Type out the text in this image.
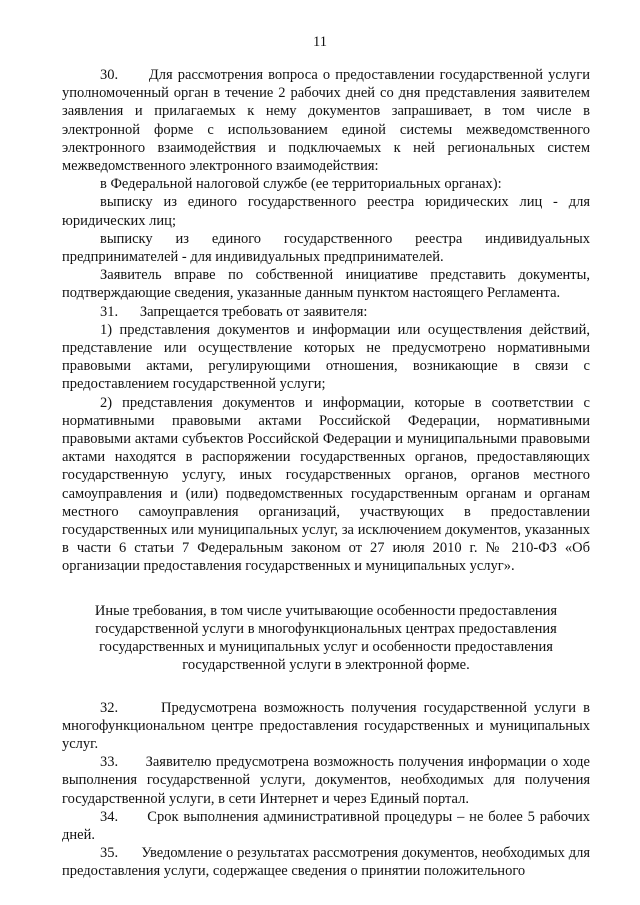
11

30.      Для рассмотрения вопроса о предоставлении государственной услуги уполномоченный орган в течение 2 рабочих дней со дня представления заявителем заявления и прилагаемых к нему документов запрашивает, в том числе в электронной форме с использованием единой системы межведомственного электронного взаимодействия и подключаемых к ней региональных систем межведомственного электронного взаимодействия:

в Федеральной налоговой службе (ее территориальных органах):

выписку из единого государственного реестра юридических лиц - для юридических лиц;

выписку из единого государственного реестра индивидуальных предпринимателей - для индивидуальных предпринимателей.

Заявитель вправе по собственной инициативе представить документы, подтверждающие сведения, указанные данным пунктом настоящего Регламента.

31.      Запрещается требовать от заявителя:

1) представления документов и информации или осуществления действий, представление или осуществление которых не предусмотрено нормативными правовыми актами, регулирующими отношения, возникающие в связи с предоставлением государственной услуги;

2) представления документов и информации, которые в соответствии с нормативными правовыми актами Российской Федерации, нормативными правовыми актами субъектов Российской Федерации и муниципальными правовыми актами находятся в распоряжении государственных органов, предоставляющих государственную услугу, иных государственных органов, органов местного самоуправления и (или) подведомственных государственным органам и органам местного самоуправления организаций, участвующих в предоставлении государственных или муниципальных услуг, за исключением документов, указанных в части 6 статьи 7 Федеральным законом от 27 июля 2010 г. № 210-ФЗ «Об организации предоставления государственных и муниципальных услуг».

Иные требования, в том числе учитывающие особенности предоставления государственной услуги в многофункциональных центрах предоставления государственных и муниципальных услуг и особенности предоставления государственной услуги в электронной форме.

32.      Предусмотрена возможность получения государственной услуги в многофункциональном центре предоставления государственных и муниципальных услуг.

33.      Заявителю предусмотрена возможность получения информации о ходе выполнения государственной услуги, документов, необходимых для получения государственной услуги, в сети Интернет и через Единый портал.

34.      Срок выполнения административной процедуры – не более 5 рабочих дней.

35.      Уведомление о результатах рассмотрения документов, необходимых для предоставления услуги, содержащее сведения о принятии положительного
